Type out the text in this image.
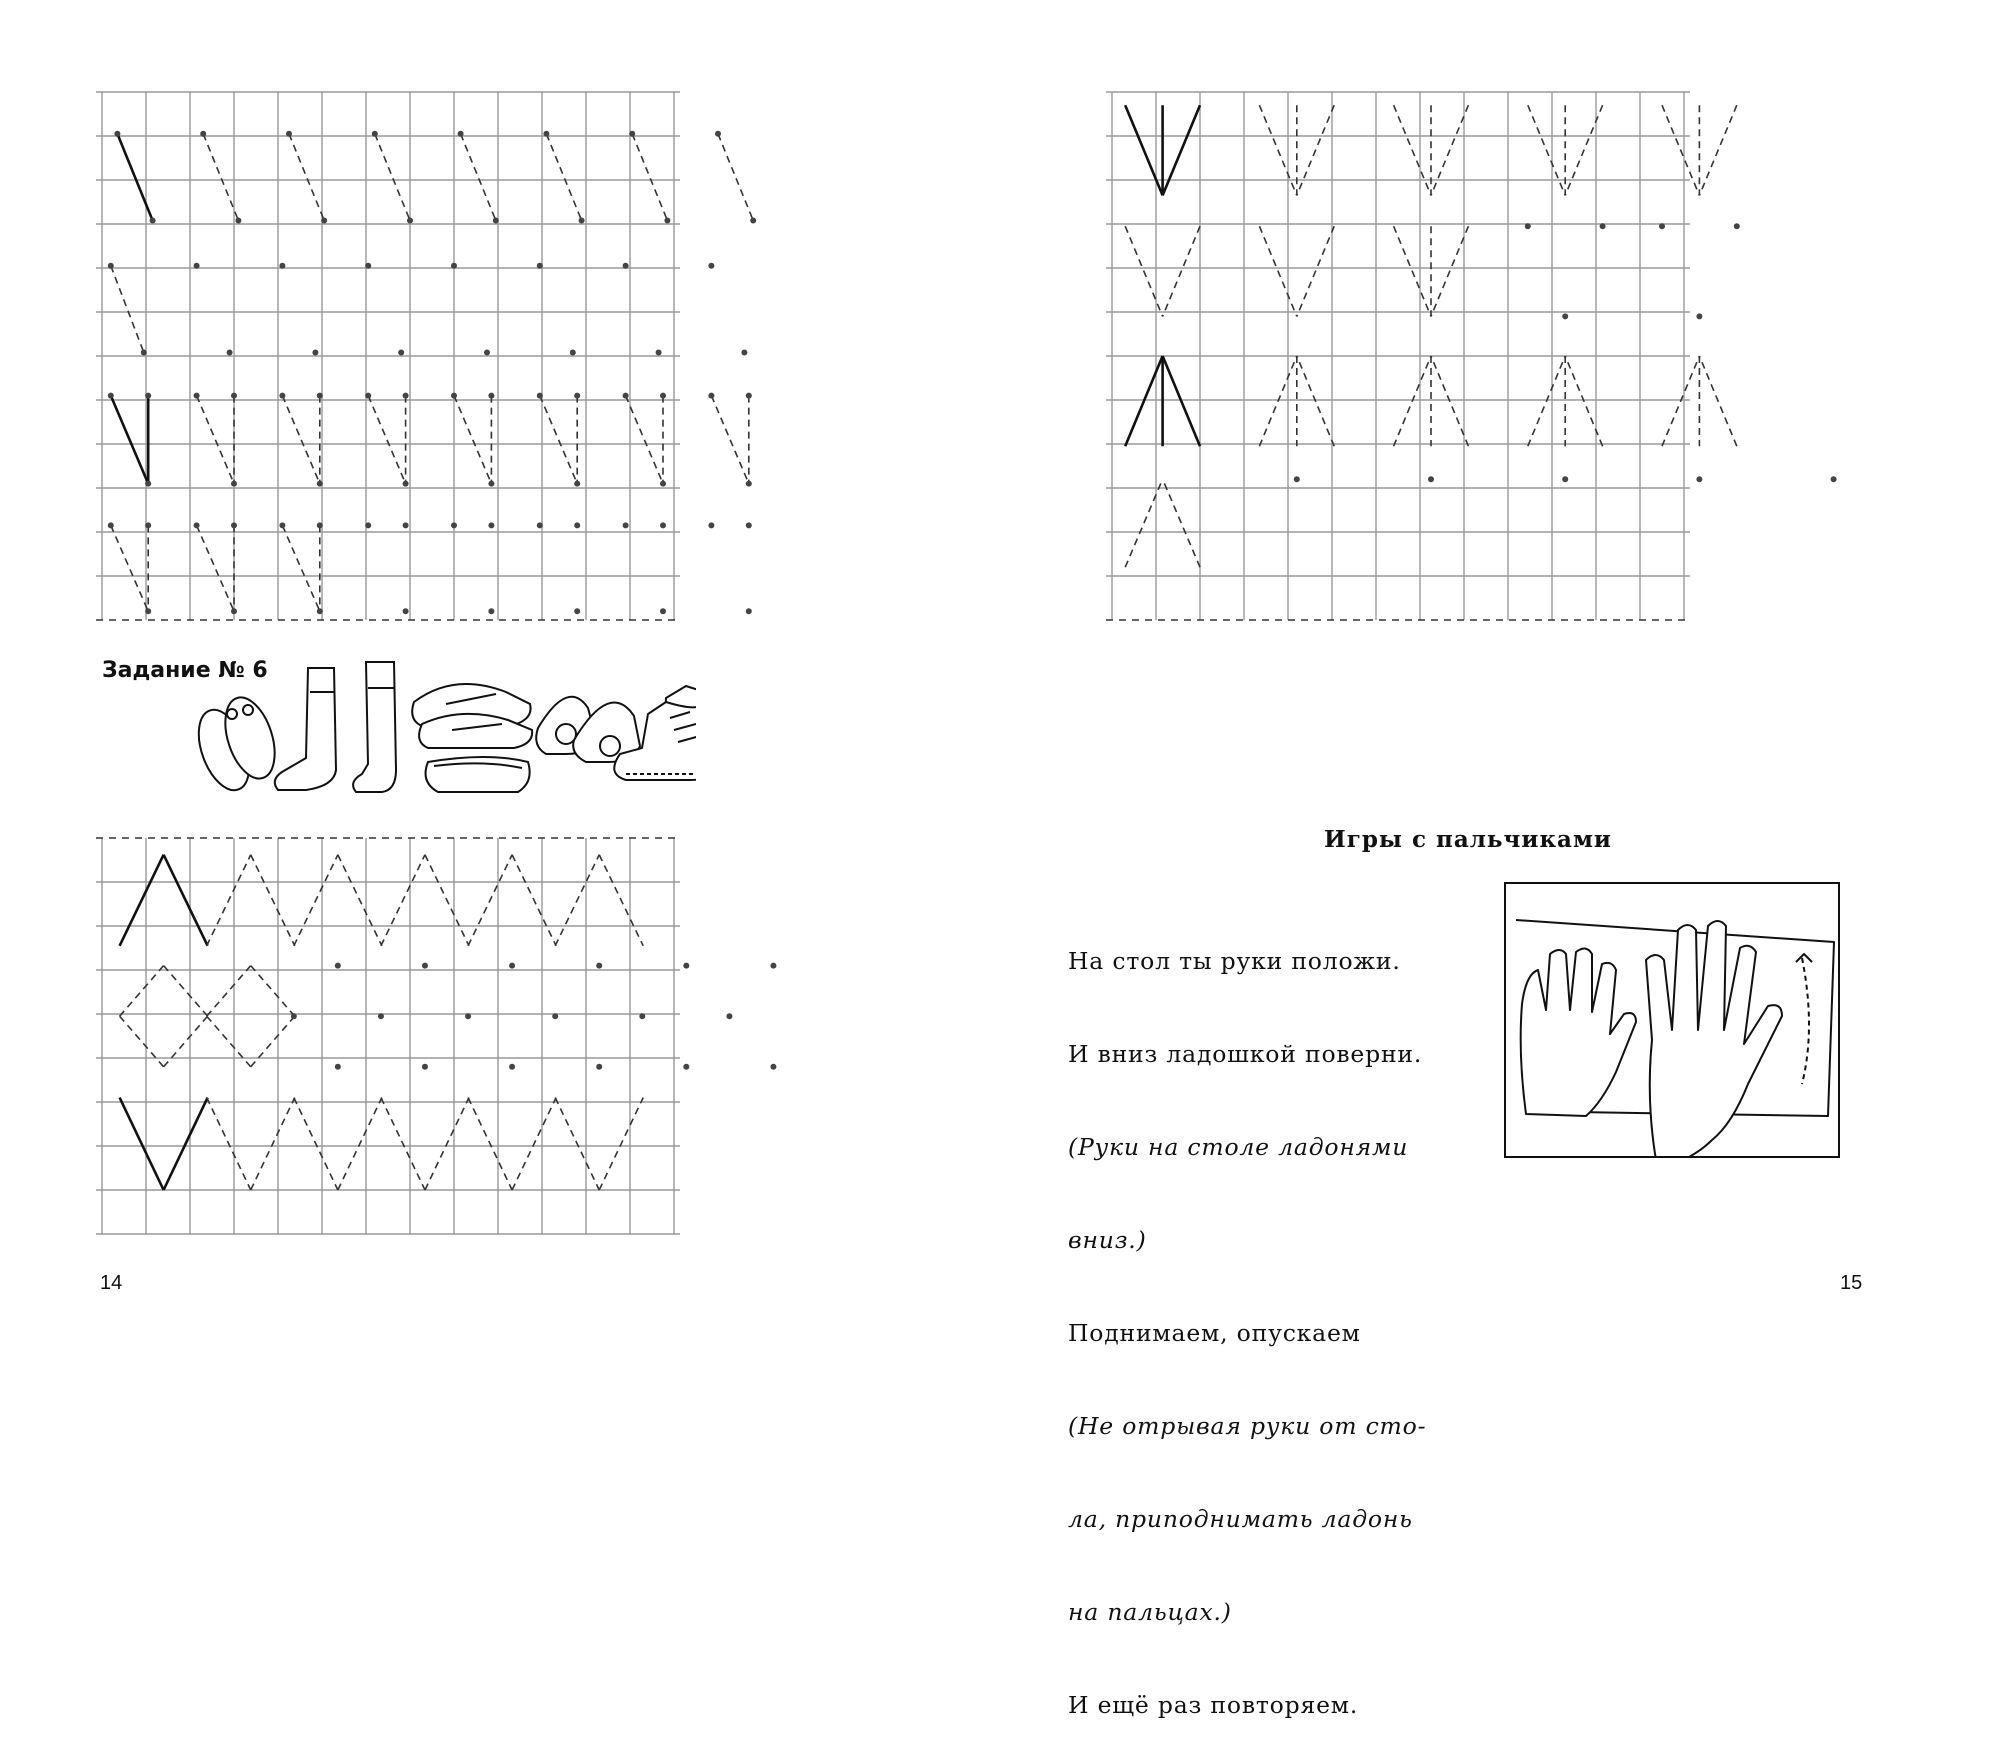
Задание № 6
14	15
Игры с пальчиками

На стол ты руки положи.

И вниз ладошкой поверни.

(Руки на столе ладонями

вниз.)

Поднимаем, опускаем

(Не отрывая руки от сто-

ла, приподнимать ладонь

на пальцах.)

И ещё раз повторяем.
